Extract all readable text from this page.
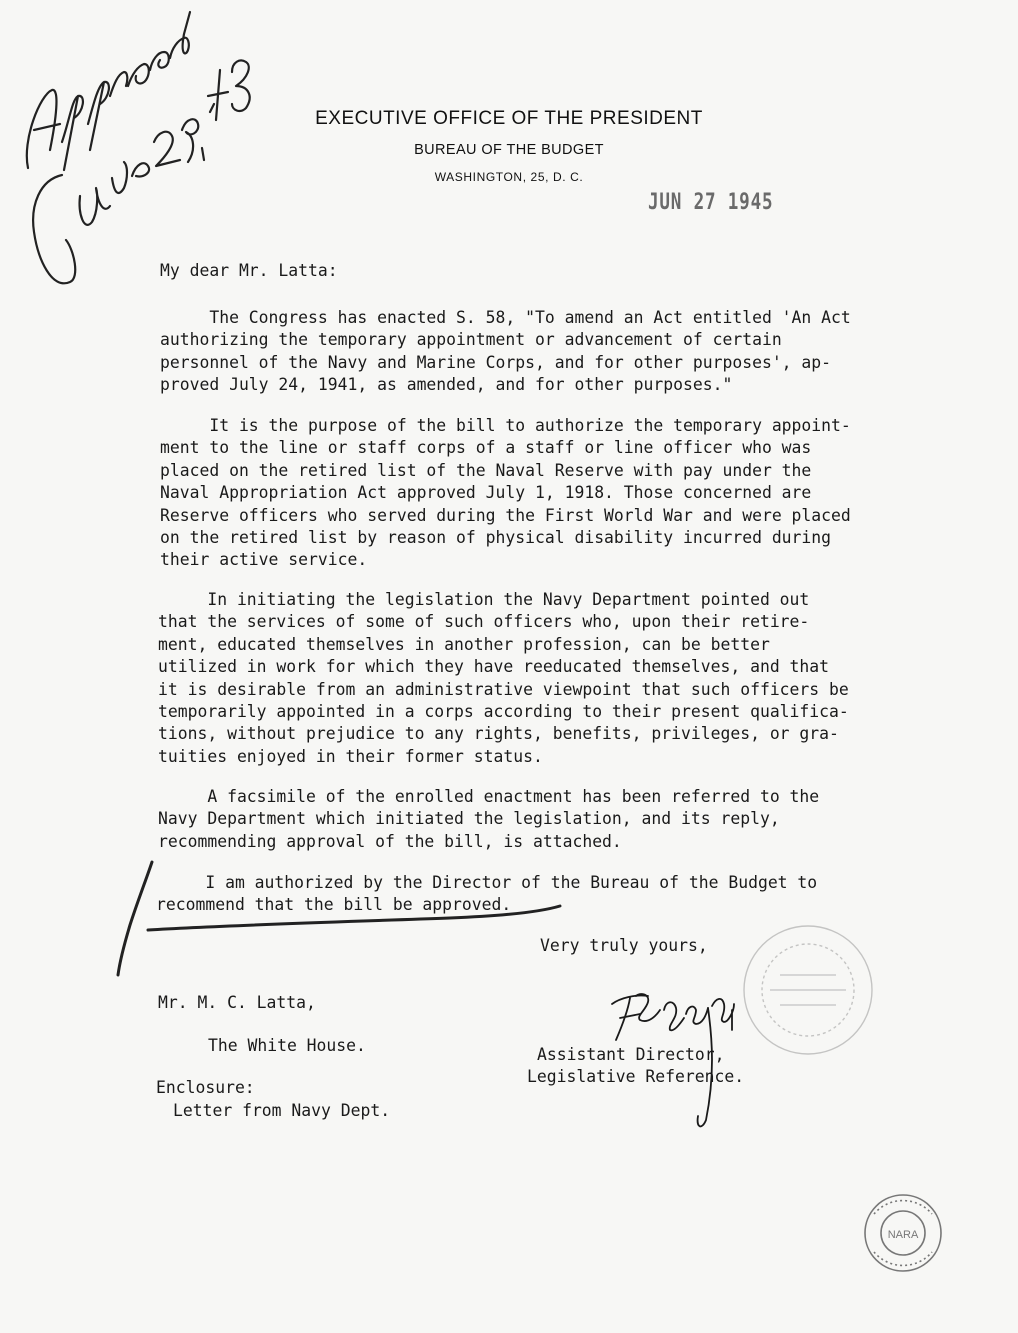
NARA
EXECUTIVE OFFICE OF THE PRESIDENT
BUREAU OF THE BUDGET
WASHINGTON, 25, D. C.
JUN 27 1945
My dear Mr. Latta:
The Congress has enacted S. 58, "To amend an Act entitled 'An Act
authorizing the temporary appointment or advancement of certain
personnel of the Navy and Marine Corps, and for other purposes', ap-
proved July 24, 1941, as amended, and for other purposes."
It is the purpose of the bill to authorize the temporary appoint-
ment to the line or staff corps of a staff or line officer who was
placed on the retired list of the Naval Reserve with pay under the
Naval Appropriation Act approved July 1, 1918. Those concerned are
Reserve officers who served during the First World War and were placed
on the retired list by reason of physical disability incurred during
their active service.
In initiating the legislation the Navy Department pointed out
that the services of some of such officers who, upon their retire-
ment, educated themselves in another profession, can be better
utilized in work for which they have reeducated themselves, and that
it is desirable from an administrative viewpoint that such officers be
temporarily appointed in a corps according to their present qualifica-
tions, without prejudice to any rights, benefits, privileges, or gra-
tuities enjoyed in their former status.
A facsimile of the enrolled enactment has been referred to the
Navy Department which initiated the legislation, and its reply,
recommending approval of the bill, is attached.
I am authorized by the Director of the Bureau of the Budget to
recommend that the bill be approved.
Very truly yours,
Mr. M. C. Latta,
The White House.	Assistant Director,
Legislative Reference.
Enclosure:
Letter from Navy Dept.
